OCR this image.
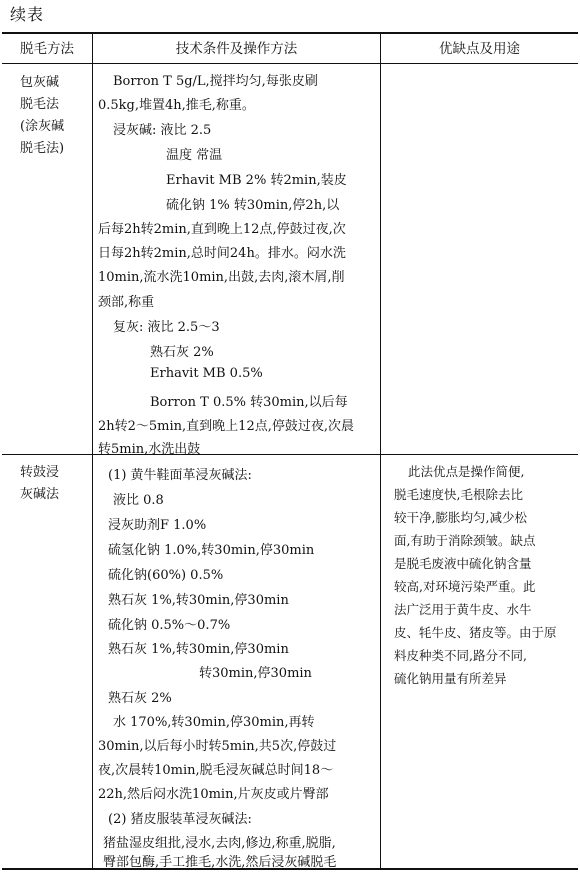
续表
脱毛方法	技术条件及操作方法	优缺点及用途
包灰碱
脱毛法
(涂灰碱
脱毛法)
Borron T 5g/L,搅拌均匀,每张皮刷
0.5kg,堆置4h,推毛,称重。
浸灰碱: 液比 2.5
温度 常温
Erhavit MB 2% 转2min,装皮
硫化钠 1% 转30min,停2h,以
后每2h转2min,直到晚上12点,停鼓过夜,次
日每2h转2min,总时间24h。排水。闷水洗
10min,流水洗10min,出鼓,去肉,滚木屑,削
颈部,称重
复灰: 液比 2.5～3
熟石灰 2%
Erhavit MB 0.5%
Borron T 0.5% 转30min,以后每
2h转2～5min,直到晚上12点,停鼓过夜,次晨
转5min,水洗出鼓
转鼓浸
灰碱法
(1) 黄牛鞋面革浸灰碱法:
液比 0.8
浸灰助剂F 1.0%
硫氢化钠 1.0%,转30min,停30min
硫化钠(60%) 0.5%
熟石灰 1%,转30min,停30min
硫化钠 0.5%～0.7%
熟石灰 1%,转30min,停30min
转30min,停30min
熟石灰 2%
水 170%,转30min,停30min,再转
30min,以后每小时转5min,共5次,停鼓过
夜,次晨转10min,脱毛浸灰碱总时间18～
22h,然后闷水洗10min,片灰皮或片臀部
(2) 猪皮服装革浸灰碱法:
猪盐湿皮组批,浸水,去肉,修边,称重,脱脂,
臀部包酶,手工推毛,水洗,然后浸灰碱脱毛
此法优点是操作简便,
脱毛速度快,毛根除去比
较干净,膨胀均匀,减少松
面,有助于消除颈皱。缺点
是脱毛废液中硫化钠含量
较高,对环境污染严重。此
法广泛用于黄牛皮、水牛
皮、牦牛皮、猪皮等。由于原
料皮种类不同,路分不同,
硫化钠用量有所差异
